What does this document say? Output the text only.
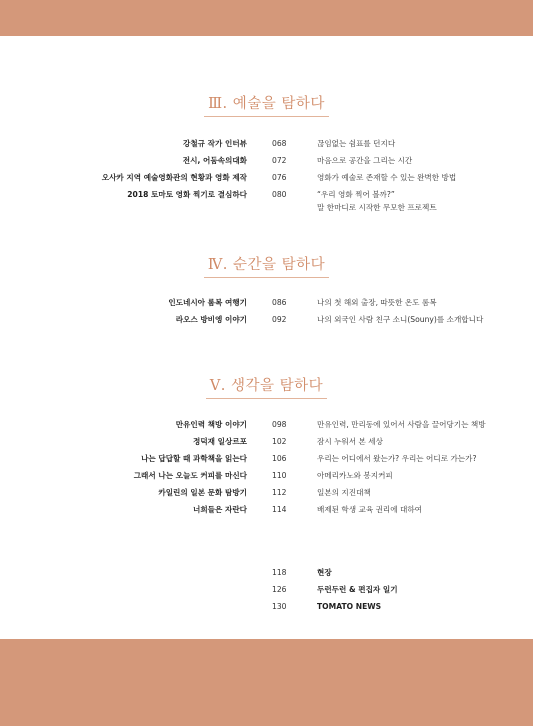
Ⅲ. 예술을 탐하다
강철규 작가 인터뷰	068	끊임없는 쉼표를 던지다
전시, 어둠속의대화	072	마음으로 공간을 그리는 시간
오사카 지역 예술영화관의 현황과 영화 제작	076	영화가 예술로 존재할 수 있는 완벽한 방법
2018 토마토 영화 찍기로 결심하다	080	“우리 영화 찍어 볼까?”
말 한마디로 시작한 무모한 프로젝트
Ⅳ. 순간을 탐하다
인도네시아 롬복 여행기	086	나의 첫 해외 출장, 따뜻한 온도 롬복
라오스 방비엥 이야기	092	나의 외국인 사람 친구 소니(Souny)를 소개합니다
Ⅴ. 생각을 탐하다
만유인력 책방 이야기	098	만유인력, 만리동에 있어서 사람을 끌어당기는 책방
정덕재 일상르포	102	잠시 누워서 본 세상
나는 답답할 때 과학책을 읽는다	106	우리는 어디에서 왔는가? 우리는 어디로 가는가?
그래서 나는 오늘도 커피를 마신다	110	아메리카노와 봉지커피
카일린의 일본 문화 탐방기	112	일본의 지진대책
너희들은 자란다	114	배제된 학생 교육 권리에 대하여
118	현장
126	두런두런 & 편집자 일기
130	TOMATO NEWS
